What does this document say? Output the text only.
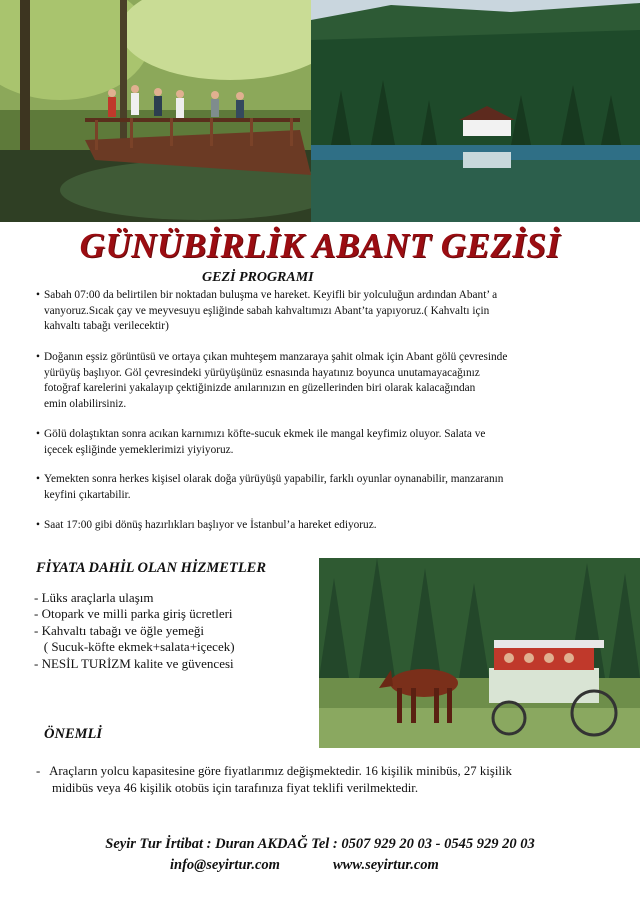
GÜNÜBİRLİK ABANT GEZİSİ
GEZİ PROGRAMI
• Sabah 07:00 da belirtilen bir noktadan buluşma ve hareket. Keyifli bir yolculuğun ardından Abant’ a
vanyoruz.Sıcak çay ve meyvesuyu eşliğinde sabah kahvaltımızı Abant’ta yapıyoruz.( Kahvaltı için
kahvaltı tabağı verilecektir)
• Doğanın eşsiz görüntüsü ve ortaya çıkan muhteşem manzaraya şahit olmak için Abant gölü çevresinde
yürüyüş başlıyor. Göl çevresindeki yürüyüşünüz esnasında hayatınız boyunca unutamayacağınız
fotoğraf karelerini yakalayıp çektiğinizde anılarınızın en güzellerinden biri olarak kalacağından
emin olabilirsiniz.
• Gölü dolaştıktan sonra acıkan karnımızı köfte-sucuk ekmek ile mangal keyfimiz oluyor. Salata ve
içecek eşliğinde yemeklerimizi yiyiyoruz.
• Yemekten sonra herkes kişisel olarak doğa yürüyüşü yapabilir, farklı oyunlar oynanabilir, manzaranın
keyfini çıkartabilir.
• Saat 17:00 gibi dönüş hazırlıkları başlıyor ve İstanbul’a hareket ediyoruz.
FİYATA DAHİL OLAN HİZMETLER
- Lüks araçlarla ulaşım
- Otopark ve milli parka giriş ücretleri
- Kahvaltı tabağı ve öğle yemeği
( Sucuk-köfte ekmek+salata+içecek)
- NESİL TURİZM kalite ve güvencesi
ÖNEMLİ
-   Araçların yolcu kapasitesine göre fiyatlarımız değişmektedir. 16 kişilik minibüs, 27 kişilik
midibüs veya 46 kişilik otobüs için tarafınıza fiyat teklifi verilmektedir.
Seyir Tur İrtibat : Duran AKDAĞ Tel : 0507 929 20 03 - 0545 929 20 03
info@seyirtur.com	www.seyirtur.com
